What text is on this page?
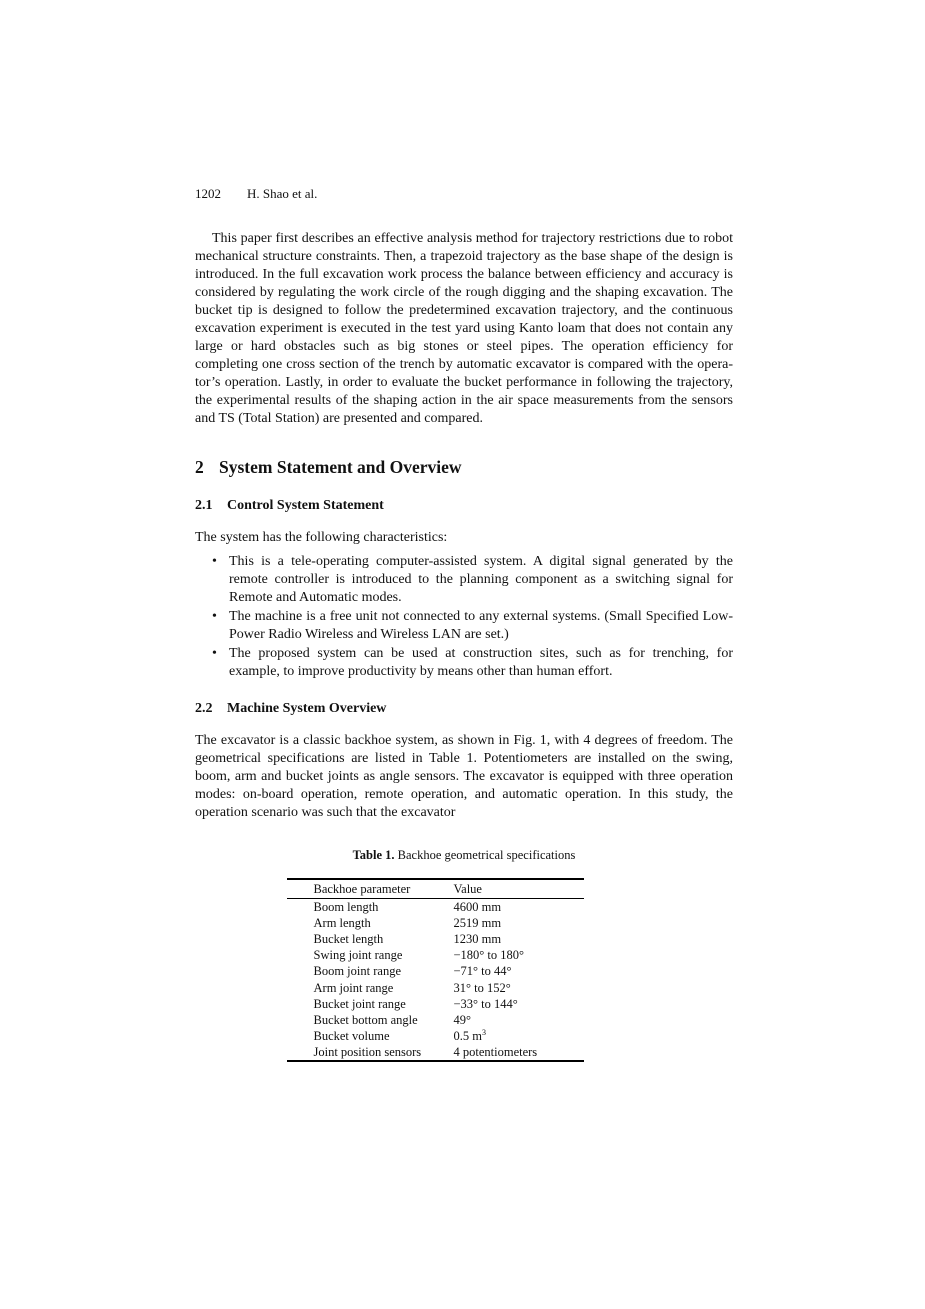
1202 H. Shao et al.

This paper first describes an effective analysis method for trajectory restrictions due to robot mechanical structure constraints. Then, a trapezoid trajectory as the base shape of the design is introduced. In the full excavation work process the balance between efficiency and accuracy is considered by regulating the work circle of the rough digging and the shaping excavation. The bucket tip is designed to follow the predetermined excavation trajectory, and the continuous excavation experiment is executed in the test yard using Kanto loam that does not contain any large or hard obstacles such as big stones or steel pipes. The operation efficiency for completing one cross section of the trench by automatic excavator is compared with the operator’s operation. Lastly, in order to evaluate the bucket performance in following the trajectory, the experimental results of the shaping action in the air space measurements from the sensors and TS (Total Station) are presented and compared.

2 System Statement and Overview
2.1 Control System Statement

The system has the following characteristics:

• This is a tele-operating computer-assisted system. A digital signal generated by the remote controller is introduced to the planning component as a switching signal for Remote and Automatic modes.
• The machine is a free unit not connected to any external systems. (Small Specified Low-Power Radio Wireless and Wireless LAN are set.)
• The proposed system can be used at construction sites, such as for trenching, for example, to improve productivity by means other than human effort.
2.2 Machine System Overview

The excavator is a classic backhoe system, as shown in Fig. 1, with 4 degrees of freedom. The geometrical specifications are listed in Table 1. Potentiometers are installed on the swing, boom, arm and bucket joints as angle sensors. The excavator is equipped with three operation modes: on-board operation, remote operation, and automatic operation. In this study, the operation scenario was such that the excavator

Table 1. Backhoe geometrical specifications
Backhoe parameter	Value
Boom length	4600 mm
Arm length	2519 mm
Bucket length	1230 mm
Swing joint range	−180° to 180°
Boom joint range	−71° to 44°
Arm joint range	31° to 152°
Bucket joint range	−33° to 144°
Bucket bottom angle	49°
Bucket volume	0.5 $m^3$
Joint position sensors	4 potentiometers
